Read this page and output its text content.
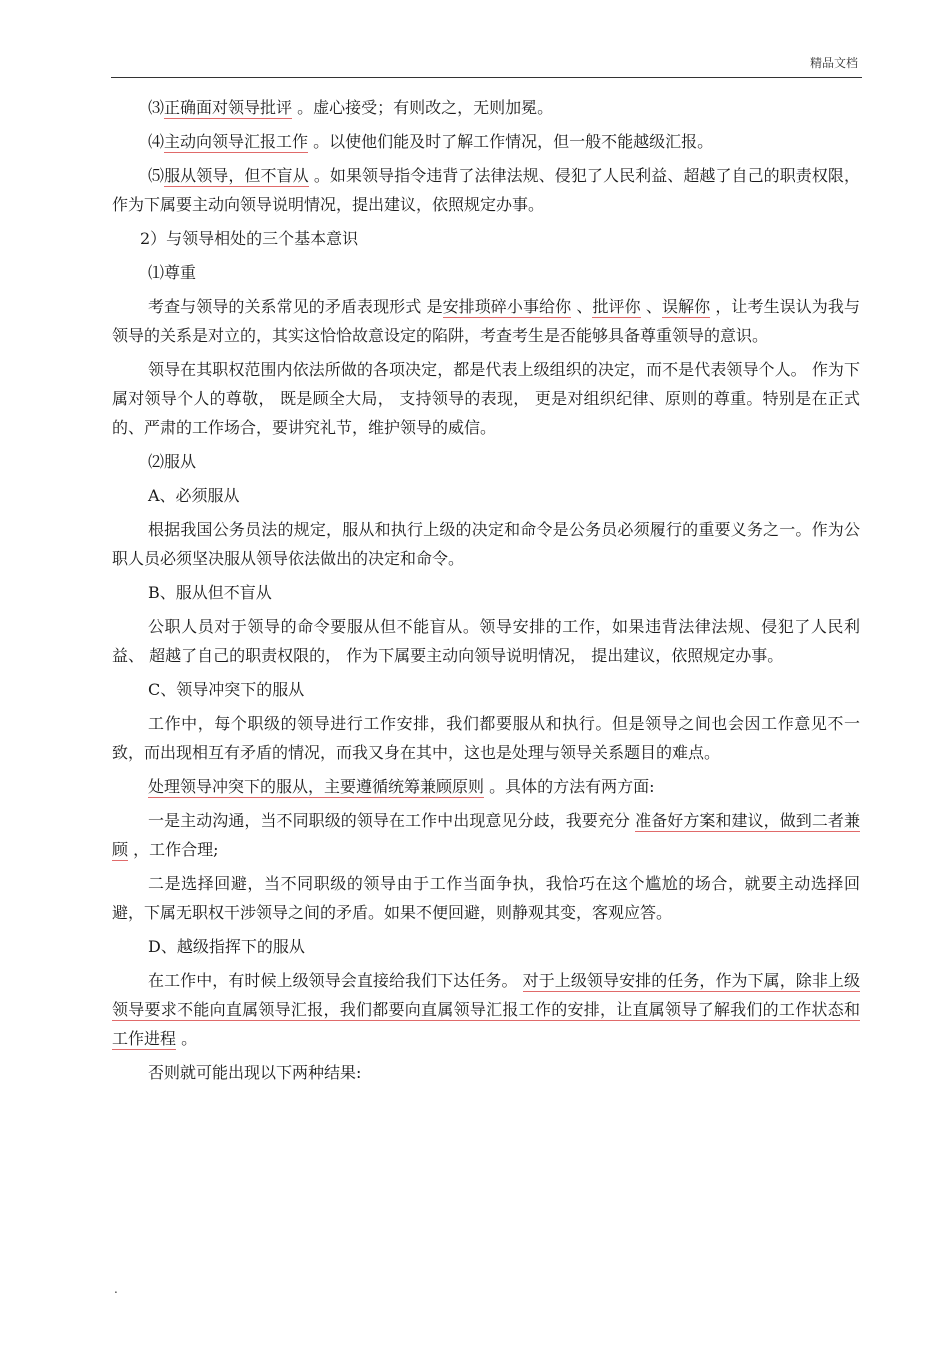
精品文档

⑶正确面对领导批评 。虚心接受；有则改之，无则加冕。

⑷主动向领导汇报工作 。以使他们能及时了解工作情况，但一般不能越级汇报。

⑸服从领导，但不盲从 。如果领导指令违背了法律法规、侵犯了人民利益、超越了自己的职责权限，作为下属要主动向领导说明情况，提出建议，依照规定办事。

2）与领导相处的三个基本意识

⑴尊重

考查与领导的关系常见的矛盾表现形式 是安排琐碎小事给你 、批评你 、误解你 ，让考生误认为我与领导的关系是对立的，其实这恰恰故意设定的陷阱，考查考生是否能够具备尊重领导的意识。

领导在其职权范围内依法所做的各项决定，都是代表上级组织的决定，而不是代表领导个人。 作为下属对领导个人的尊敬， 既是顾全大局， 支持领导的表现， 更是对组织纪律、原则的尊重。特别是在正式的、严肃的工作场合，要讲究礼节，维护领导的威信。

⑵服从

A、必须服从

根据我国公务员法的规定，服从和执行上级的决定和命令是公务员必须履行的重要义务之一。作为公职人员必须坚决服从领导依法做出的决定和命令。

B、服从但不盲从

公职人员对于领导的命令要服从但不能盲从。领导安排的工作，如果违背法律法规、侵犯了人民利益、 超越了自己的职责权限的， 作为下属要主动向领导说明情况， 提出建议，依照规定办事。

C、领导冲突下的服从

工作中，每个职级的领导进行工作安排，我们都要服从和执行。但是领导之间也会因工作意见不一致，而出现相互有矛盾的情况，而我又身在其中，这也是处理与领导关系题目的难点。

处理领导冲突下的服从，主要遵循统筹兼顾原则 。具体的方法有两方面:

一是主动沟通，当不同职级的领导在工作中出现意见分歧，我要充分 准备好方案和建议，做到二者兼顾 ，工作合理;

二是选择回避，当不同职级的领导由于工作当面争执，我恰巧在这个尴尬的场合，就要主动选择回避，下属无职权干涉领导之间的矛盾。如果不便回避，则静观其变，客观应答。

D、越级指挥下的服从

在工作中，有时候上级领导会直接给我们下达任务。 对于上级领导安排的任务，作为下属，除非上级领导要求不能向直属领导汇报，我们都要向直属领导汇报工作的安排，让直属领导了解我们的工作状态和工作进程 。

否则就可能出现以下两种结果:

.
